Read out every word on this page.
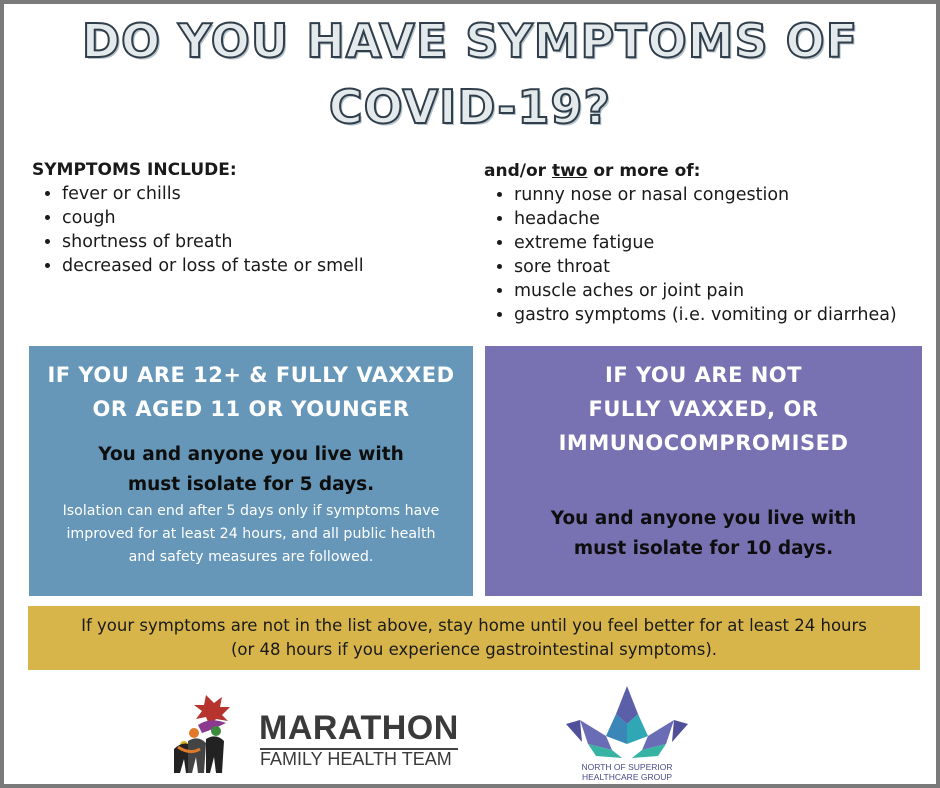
DO YOU HAVE SYMPTOMS OF
COVID-19?
SYMPTOMS INCLUDE:
• fever or chills
• cough
• shortness of breath
• decreased or loss of taste or smell
and/or two or more of:
• runny nose or nasal congestion
• headache
• extreme fatigue
• sore throat
• muscle aches or joint pain
• gastro symptoms (i.e. vomiting or diarrhea)
IF YOU ARE 12+ & FULLY VAXXED
OR AGED 11 OR YOUNGER
You and anyone you live with
must isolate for 5 days.
Isolation can end after 5 days only if symptoms have
improved for at least 24 hours, and all public health
and safety measures are followed.
IF YOU ARE NOT
FULLY VAXXED, OR
IMMUNOCOMPROMISED
You and anyone you live with
must isolate for 10 days.
If your symptoms are not in the list above, stay home until you feel better for at least 24 hours
(or 48 hours if you experience gastrointestinal symptoms).
MARATHON
FAMILY HEALTH TEAM	NORTH OF SUPERIOR
HEALTHCARE GROUP
